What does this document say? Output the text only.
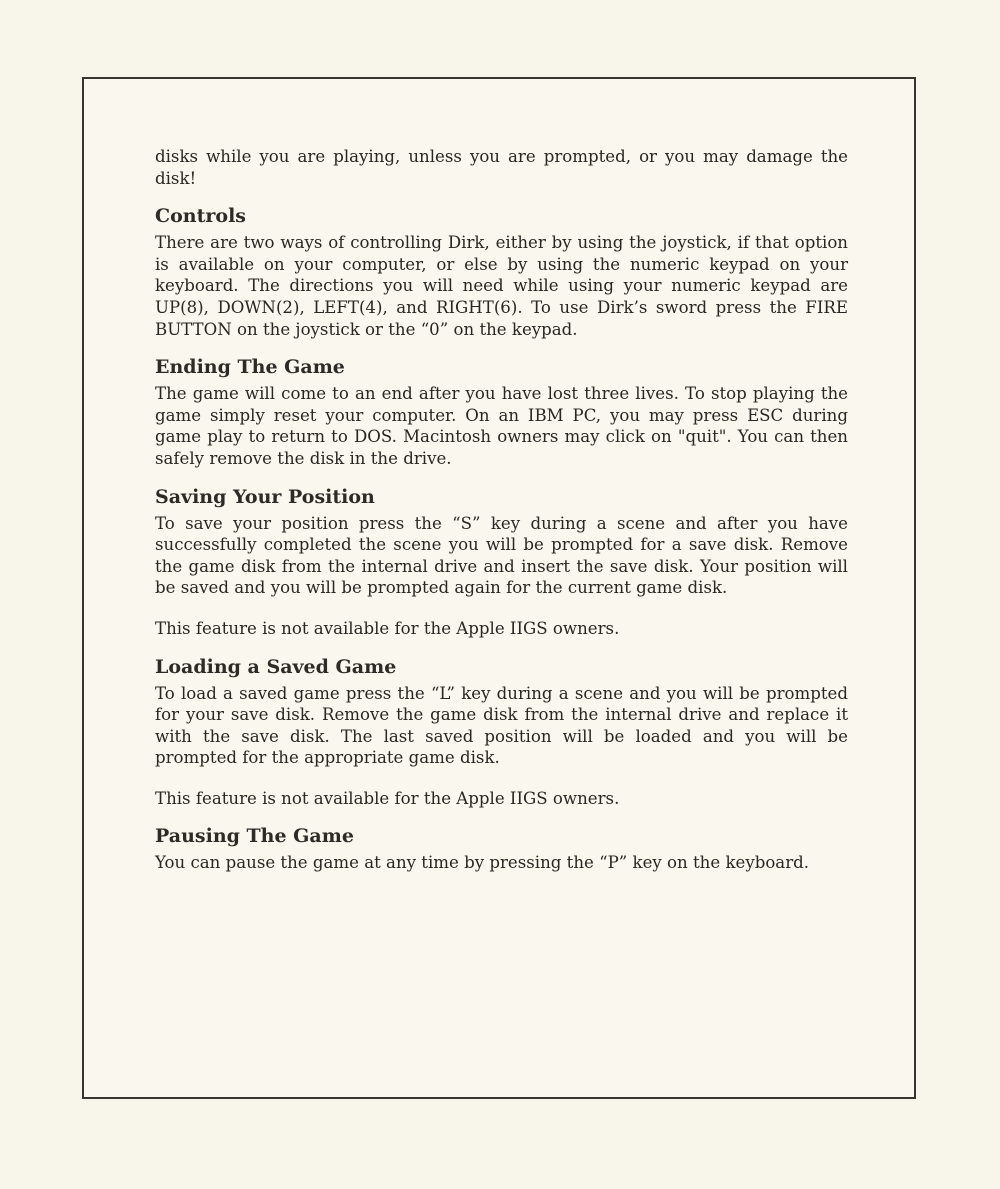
disks while you are playing, unless you are prompted, or you may damage the disk!

Controls

There are two ways of controlling Dirk, either by using the joystick, if that option is available on your computer, or else by using the numeric keypad on your keyboard. The directions you will need while using your numeric keypad are UP(8), DOWN(2), LEFT(4), and RIGHT(6). To use Dirk’s sword press the FIRE BUTTON on the joystick or the “0” on the keypad.

Ending The Game

The game will come to an end after you have lost three lives. To stop playing the game simply reset your computer. On an IBM PC, you may press ESC during game play to return to DOS. Macintosh owners may click on "quit". You can then safely remove the disk in the drive.

Saving Your Position

To save your position press the “S” key during a scene and after you have successfully completed the scene you will be prompted for a save disk. Remove the game disk from the internal drive and insert the save disk. Your position will be saved and you will be prompted again for the current game disk.

This feature is not available for the Apple IIGS owners.

Loading a Saved Game

To load a saved game press the “L” key during a scene and you will be prompted for your save disk. Remove the game disk from the internal drive and replace it with the save disk. The last saved position will be loaded and you will be prompted for the appropriate game disk.

This feature is not available for the Apple IIGS owners.

Pausing The Game

You can pause the game at any time by pressing the “P” key on the keyboard.
